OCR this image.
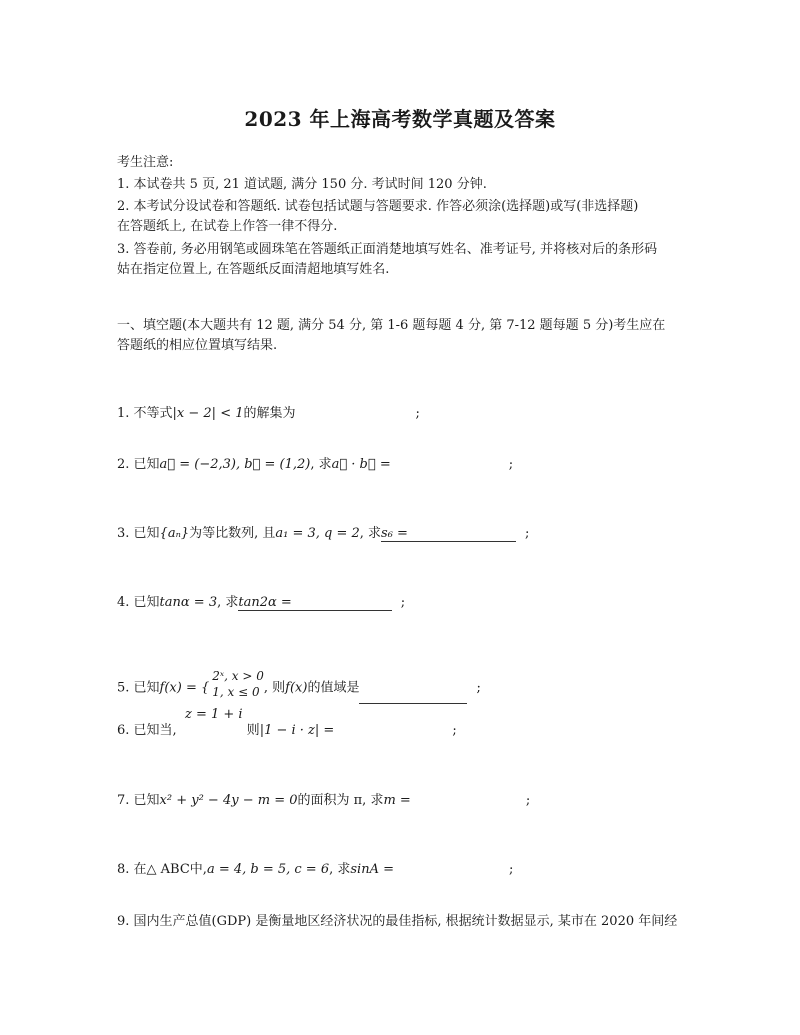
2023 年上海高考数学真题及答案
考生注意:
1. 本试卷共 5 页, 21 道试题, 满分 150 分. 考试时间 120 分钟.
2. 本考试分设试卷和答题纸. 试卷包括试题与答题要求. 作答必须涂(选择题)或写(非选择题)
在答题纸上, 在试卷上作答一律不得分.
3. 答卷前, 务必用钢笔或圆珠笔在答题纸正面消楚地填写姓名、准考证号, 并将核对后的条形码
姑在指定位置上, 在答题纸反面清超地填写姓名.
一、填空题(本大题共有 12 题, 满分 54 分, 第 1-6 题每题 4 分, 第 7-12 题每题 5 分)考生应在
答题纸的相应位置填写结果.
1. 不等式|x − 2| < 1的解集为	;
2. 已知a⃗ = (−2,3), b⃗ = (1,2), 求a⃗ · b⃗ =	;
3. 已知{aₙ}为等比数列, 且a₁ = 3, q = 2, 求s₆ =	;
4. 已知tanα = 3, 求tan2α =	;
5. 已知f(x) = {
2ˣ, x > 0
1, x ≤ 0 , 则f(x)的值域是	;
z = 1 + i
6. 已知当,	则|1 − i · z| =	;
7. 已知x² + y² − 4y − m = 0的面积为 π, 求m =	;
8. 在△ ABC中,a = 4, b = 5, c = 6, 求sinA =	;
9. 国内生产总值(GDP) 是衡量地区经济状况的最佳指标, 根据统计数据显示, 某市在 2020 年间经
